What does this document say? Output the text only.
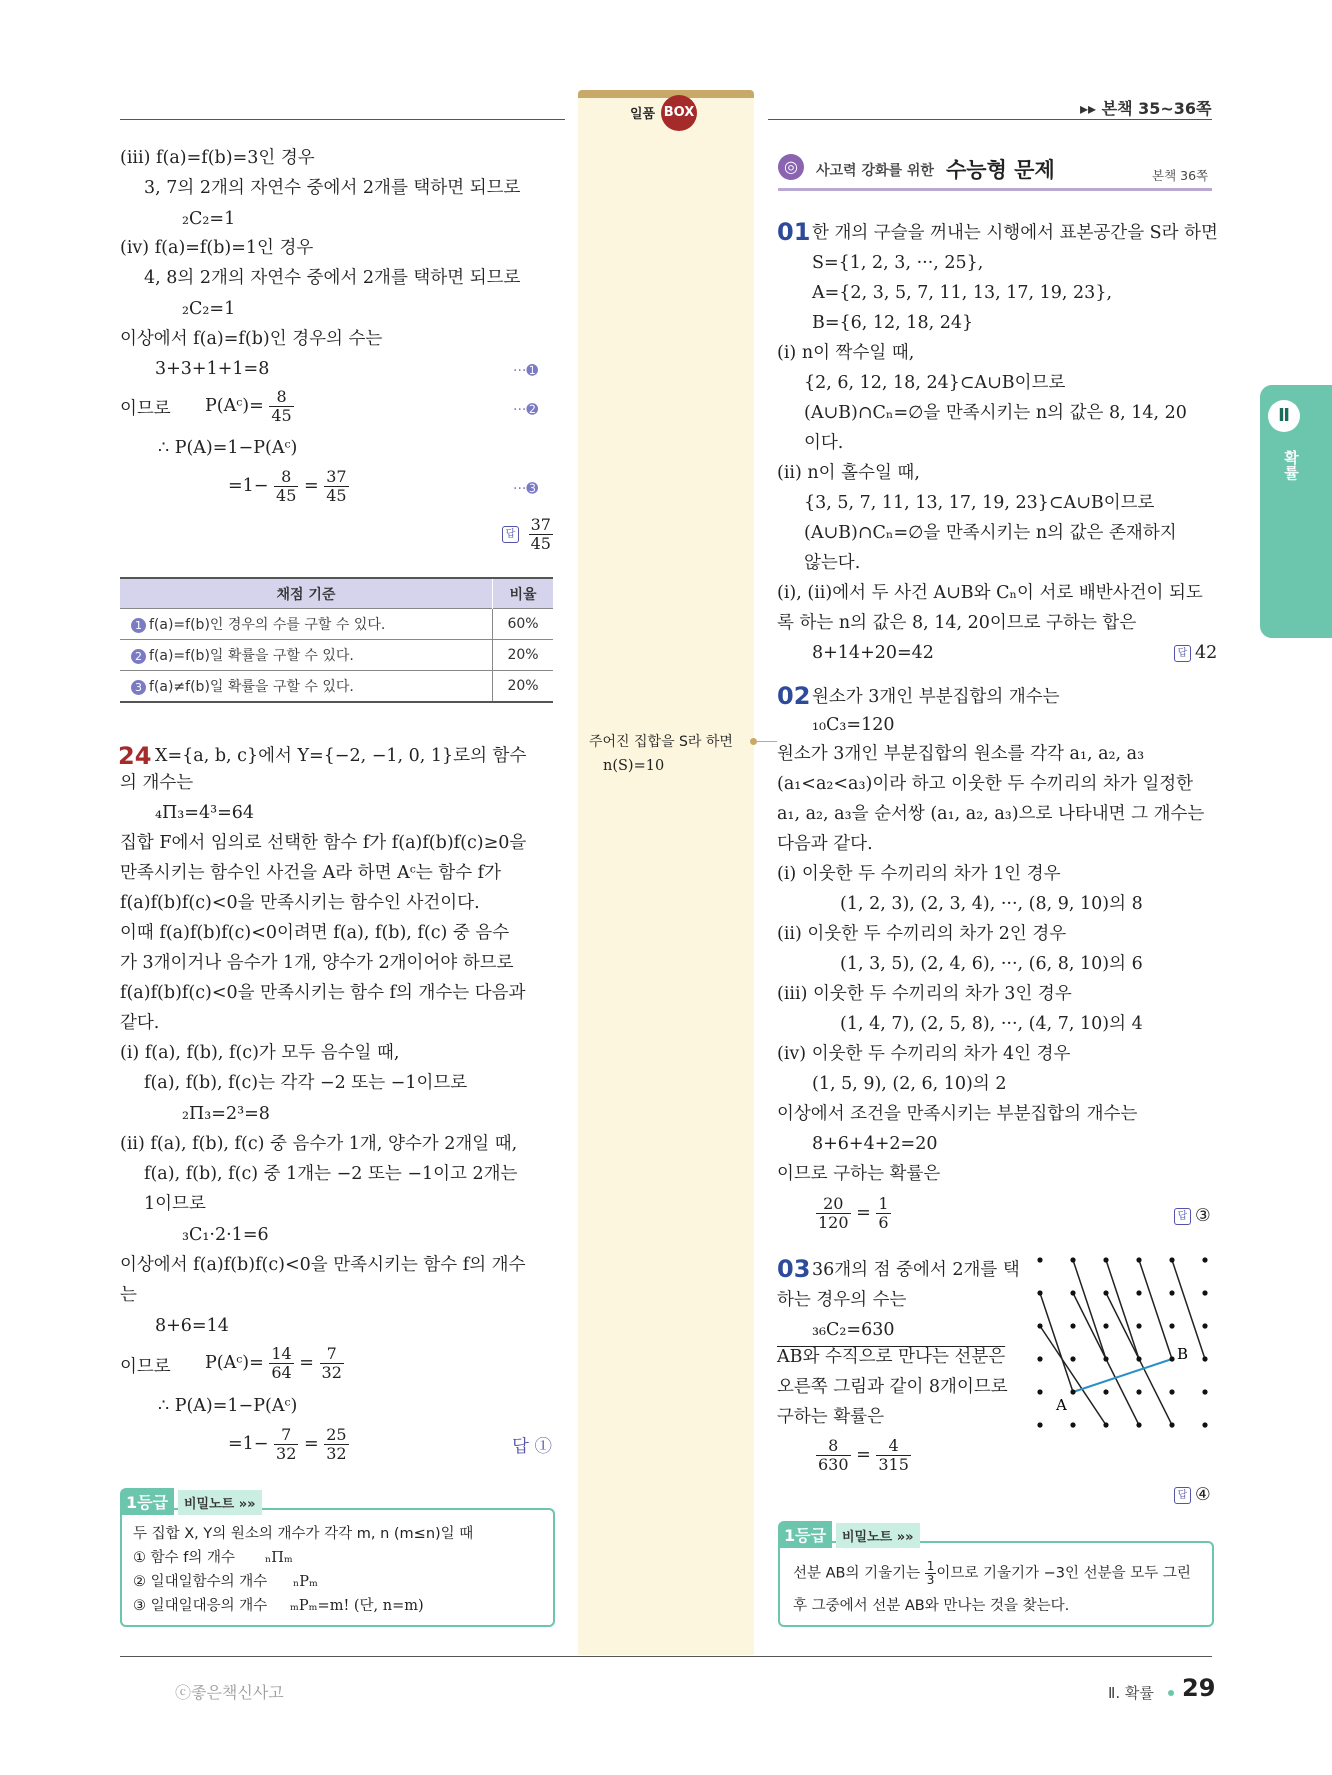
일품 BOX	▸▸ 본책 35~36쪽
Ⅱ
확률
(iii) f(a)=f(b)=3인 경우
3, 7의 2개의 자연수 중에서 2개를 택하면 되므로
₂C₂=1
(iv) f(a)=f(b)=1인 경우
4, 8의 2개의 자연수 중에서 2개를 택하면 되므로
₂C₂=1
이상에서 f(a)=f(b)인 경우의 수는
3+3+1+1=8	···➊
이므로 P(Aᶜ)= $\frac{8}{45}$	···➋
∴ P(A)=1−P(Aᶜ)
$=1- \frac{8}{45} = \frac{37}{45}$	···➌
답 $\frac{37}{45}$
채점 기준	비율
1 f(a)=f(b)인 경우의 수를 구할 수 있다.	60%
2 f(a)=f(b)일 확률을 구할 수 있다.	20%
3 f(a)≠f(b)일 확률을 구할 수 있다.	20%
24 X={a, b, c}에서 Y={−2, −1, 0, 1}로의 함수
의 개수는
₄Π₃=4³=64
집합 F에서 임의로 선택한 함수 f가 f(a)f(b)f(c)≥0을
만족시키는 함수인 사건을 A라 하면 Aᶜ는 함수 f가
f(a)f(b)f(c)<0을 만족시키는 함수인 사건이다.
이때 f(a)f(b)f(c)<0이려면 f(a), f(b), f(c) 중 음수
가 3개이거나 음수가 1개, 양수가 2개이어야 하므로
f(a)f(b)f(c)<0을 만족시키는 함수 f의 개수는 다음과
같다.
(i) f(a), f(b), f(c)가 모두 음수일 때,
f(a), f(b), f(c)는 각각 −2 또는 −1이므로
₂Π₃=2³=8
(ii) f(a), f(b), f(c) 중 음수가 1개, 양수가 2개일 때,
f(a), f(b), f(c) 중 1개는 −2 또는 −1이고 2개는
1이므로
₃C₁·2·1=6
이상에서 f(a)f(b)f(c)<0을 만족시키는 함수 f의 개수
는
8+6=14
이므로 P(Aᶜ)= $\frac{14}{64} = \frac{7}{32}$
∴ P(A)=1−P(Aᶜ)
$=1- \frac{7}{32} = \frac{25}{32}$	답 ①
1등급	비밀노트 »»
두 집합 X, Y의 원소의 개수가 각각 m, n (m≤n)일 때
① 함수 f의 개수 ₙΠₘ
② 일대일함수의 개수 ₙPₘ
③ 일대일대응의 개수 ₘPₘ=m! (단, n=m)
주어진 집합을 S라 하면
n(S)=10
◎	사고력 강화를 위한 수능형 문제	본책 36쪽
01 한 개의 구슬을 꺼내는 시행에서 표본공간을 S라 하면
S={1, 2, 3, ···, 25},
A={2, 3, 5, 7, 11, 13, 17, 19, 23},
B={6, 12, 18, 24}
(i) n이 짝수일 때,
{2, 6, 12, 18, 24}⊂A∪B이므로
(A∪B)∩Cₙ=∅을 만족시키는 n의 값은 8, 14, 20
이다.
(ii) n이 홀수일 때,
{3, 5, 7, 11, 13, 17, 19, 23}⊂A∪B이므로
(A∪B)∩Cₙ=∅을 만족시키는 n의 값은 존재하지
않는다.
(i), (ii)에서 두 사건 A∪B와 Cₙ이 서로 배반사건이 되도
록 하는 n의 값은 8, 14, 20이므로 구하는 합은
8+14+20=42	답 42
02 원소가 3개인 부분집합의 개수는
₁₀C₃=120
원소가 3개인 부분집합의 원소를 각각 a₁, a₂, a₃
(a₁<a₂<a₃)이라 하고 이웃한 두 수끼리의 차가 일정한
a₁, a₂, a₃을 순서쌍 (a₁, a₂, a₃)으로 나타내면 그 개수는
다음과 같다.
(i) 이웃한 두 수끼리의 차가 1인 경우
(1, 2, 3), (2, 3, 4), ···, (8, 9, 10)의 8
(ii) 이웃한 두 수끼리의 차가 2인 경우
(1, 3, 5), (2, 4, 6), ···, (6, 8, 10)의 6
(iii) 이웃한 두 수끼리의 차가 3인 경우
(1, 4, 7), (2, 5, 8), ···, (4, 7, 10)의 4
(iv) 이웃한 두 수끼리의 차가 4인 경우
(1, 5, 9), (2, 6, 10)의 2
이상에서 조건을 만족시키는 부분집합의 개수는
8+6+4+2=20
이므로 구하는 확률은
$\frac{20}{120} = \frac{1}{6}$	답 ③
03 36개의 점 중에서 2개를 택
하는 경우의 수는
₃₆C₂=630
AB와 수직으로 만나는 선분은
오른쪽 그림과 같이 8개이므로
구하는 확률은
$\frac{8}{630} = \frac{4}{315}$
답 ④
A
B
1등급	비밀노트 »»
선분 AB의 기울기는 $\frac{1}{3}$ 이므로 기울기가 −3인 선분을 모두 그린
후 그중에서 선분 AB와 만나는 것을 찾는다.
ⓒ좋은책신사고	Ⅱ. 확률 29
